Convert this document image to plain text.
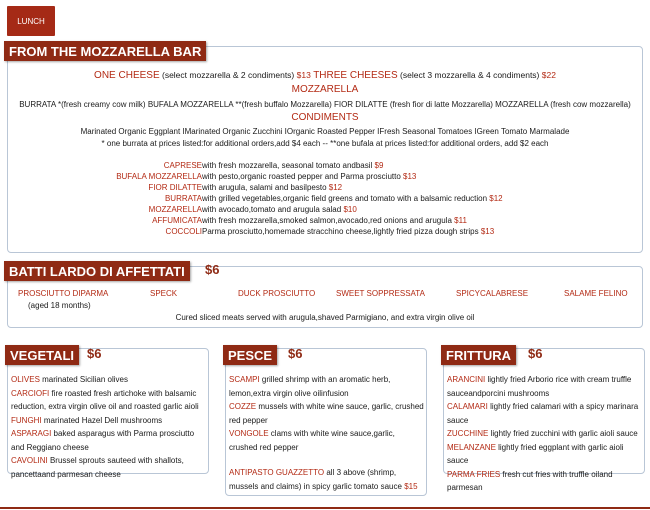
LUNCH
ONE CHEESE (select mozzarella & 2 condiments) $13 THREE CHEESES (select 3 mozzarella & 4 condiments) $22
MOZZARELLA
BURRATA *(fresh creamy cow milk) BUFALA MOZZARELLA **(fresh buffalo Mozzarella) FIOR DILATTE (fresh fior di latte Mozzarella) MOZZARELLA (fresh cow mozzarella)
CONDIMENTS
Marinated Organic Eggplant IMarinated Organic Zucchini IOrganic Roasted Pepper IFresh Seasonal Tomatoes IGreen Tomato Marmalade
* one burrata at prices listed:for additional orders,add $4 each -- **one bufala at prices listed:for additional orders, add $2 each
CAPRESE with fresh mozzarella, seasonal tomato andbasil $9
BUFALA MOZZARELLA with pesto,organic roasted pepper and Parma prosciutto $13
FIOR DILATTE with arugula, salami and basilpesto $12
BURRATA with grilled vegetables,organic field greens and tomato with a balsamic reduction $12
MOZZARELLA with avocado,tomato and arugula salad $10
AFFUMICATA with fresh mozzarella,smoked salmon,avocado,red onions and arugula $11
COCCOLI Parma prosciutto,homemade stracchino cheese,lightly fried pizza dough strips $13
FROM THE MOZZARELLA BAR
PROSCIUTTO DIPARMA
(aged 18 months)
SPECK	DUCK PROSCIUTTO	SWEET SOPPRESSATA	SPICYCALABRESE	SALAME FELINO
Cured sliced meats served with arugula,shaved Parmigiano, and extra virgin olive oil
BATTI LARDO DI AFFETTATI	$6
OLIVES marinated Sicilian olives
CARCIOFI fire roasted fresh artichoke with balsamic reduction, extra virgin olive oil and roasted garlic aioli
FUNGHI marinated Hazel Dell mushrooms
ASPARAGI baked asparagus with Parma prosciutto and Reggiano cheese
CAVOLINI Brussel sprouts sauteed with shallots, pancettaand parmesan cheese
VEGETALI $6
SCAMPI grilled shrimp with an aromatic herb, lemon,extra virgin olive oilinfusion
COZZE mussels with white wine sauce, garlic, crushed red pepper
VONGOLE clams with white wine sauce,garlic, crushed red pepper
ANTIPASTO GUAZZETTO all 3 above (shrimp, mussels and claims) in spicy garlic tomato sauce $15
PESCE	$6
ARANCINI lightly fried Arborio rice with cream truffle sauceandporcini mushrooms
CALAMARI lightly fried calamari with a spicy marinara sauce
ZUCCHINE lightly fried zucchini with garlic aioli sauce
MELANZANE lightly fried eggplant with garlic aioli sauce
PARMA FRIES fresh cut fries with truffle oiland parmesan
FRITTURA	$6
